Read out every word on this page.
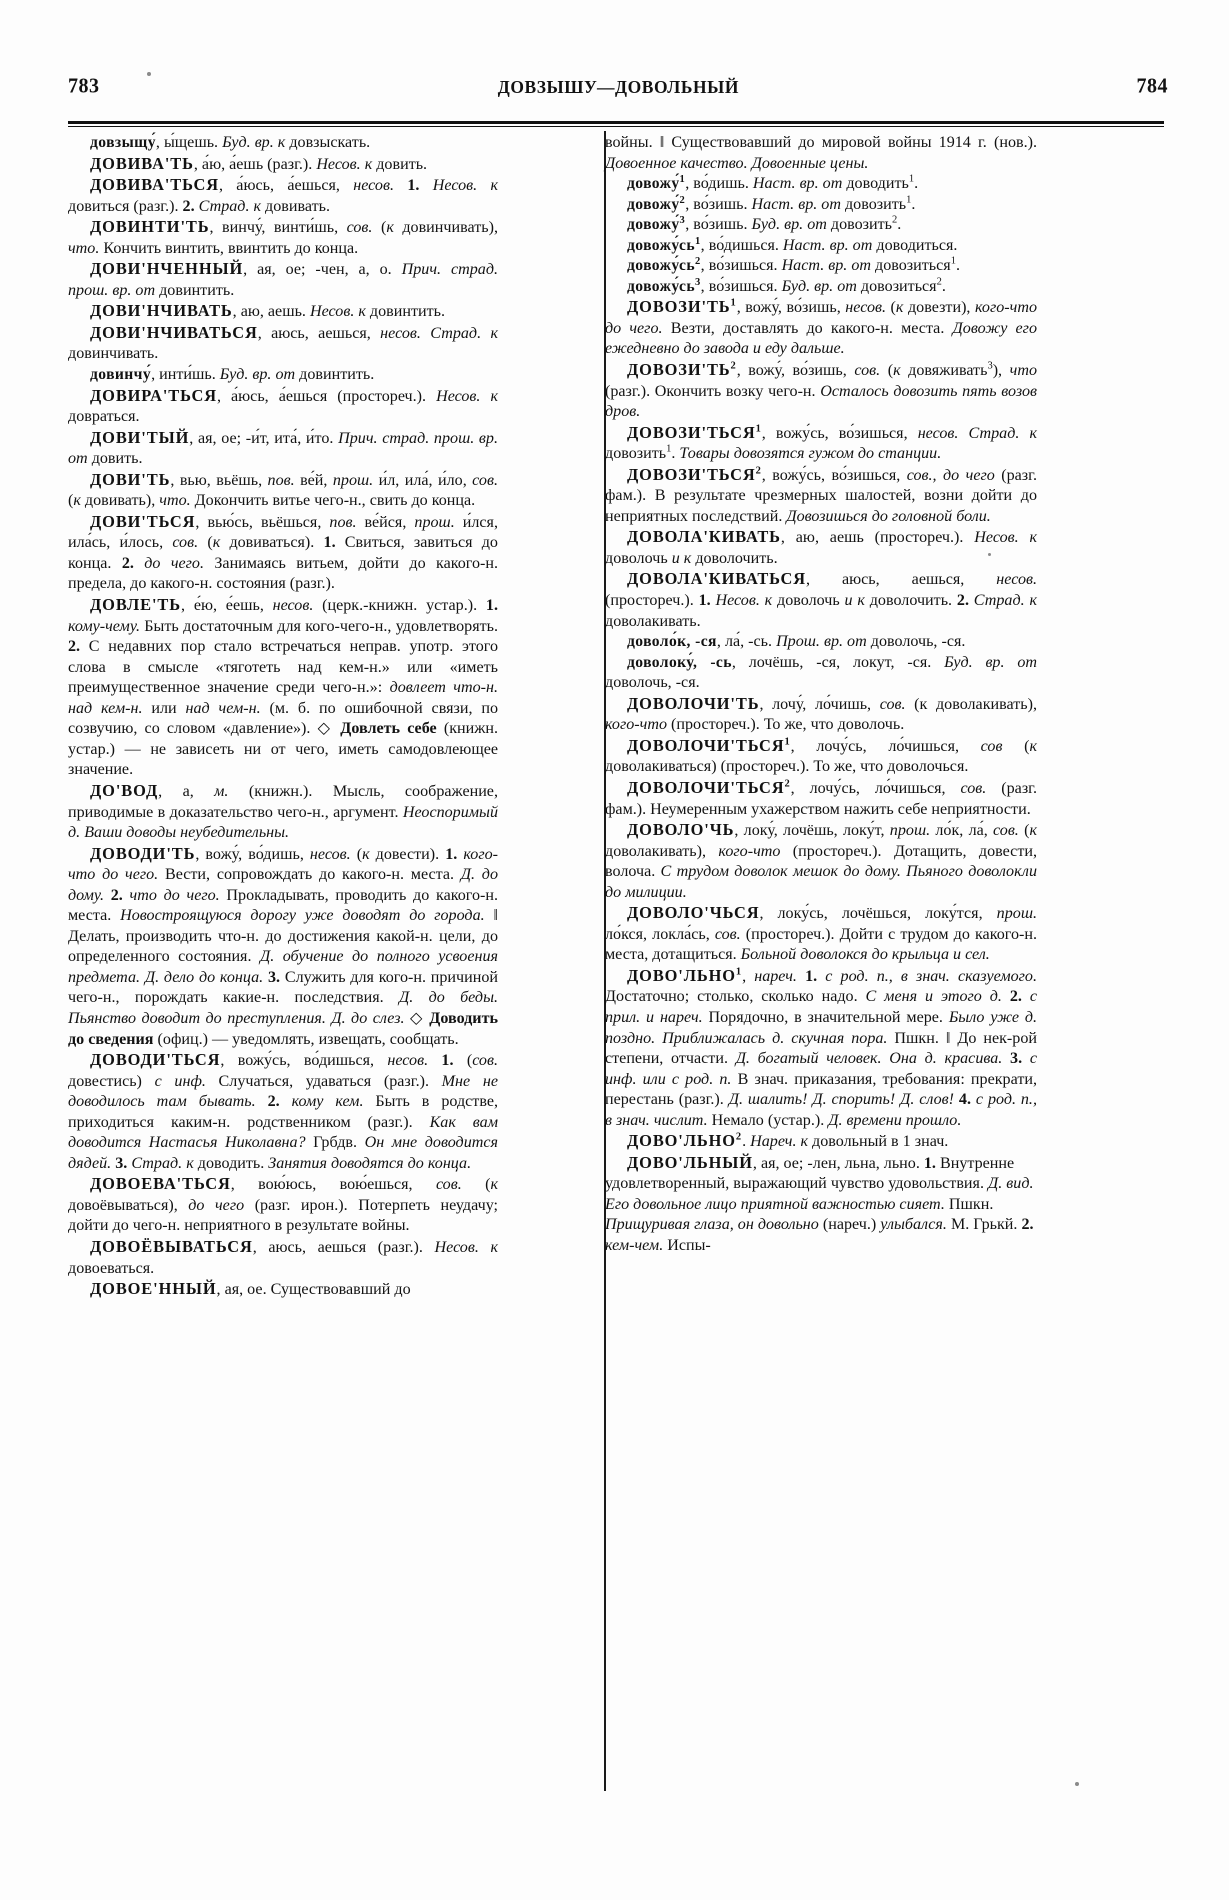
783	ДОВЗЫШУ—ДОВОЛЬНЫЙ	784

довзыщу́, ы́щешь. Буд. вр. к довзыскать.

ДОВИВА'ТЬ, а́ю, а́ешь (разг.). Несов. к довить.

ДОВИВА'ТЬСЯ, а́юсь, а́ешься, несов. 1. Несов. к довиться (разг.). 2. Страд. к довивать.

ДОВИНТИ'ТЬ, винчу́, винти́шь, сов. (к довинчивать), что. Кончить винтить, ввинтить до конца.

ДОВИ'НЧЕННЫЙ, ая, ое; -чен, а, о. Прич. страд. прош. вр. от довинтить.

ДОВИ'НЧИВАТЬ, аю, аешь. Несов. к довинтить.

ДОВИ'НЧИВАТЬСЯ, аюсь, аешься, несов. Страд. к довинчивать.

довинчу́, инти́шь. Буд. вр. от довинтить.

ДОВИРА'ТЬСЯ, а́юсь, а́ешься (простореч.). Несов. к довраться.

ДОВИ'ТЫЙ, ая, ое; -и́т, ита́, и́то. Прич. страд. прош. вр. от довить.

ДОВИ'ТЬ, вью, вьёшь, пов. ве́й, прош. и́л, ила́, и́ло, сов. (к довивать), что. Докончить витье чего-н., свить до конца.

ДОВИ'ТЬСЯ, вью́сь, вьёшься, пов. ве́йся, прош. и́лся, ила́сь, и́лось, сов. (к довиваться). 1. Свиться, завиться до конца. 2. до чего. Занимаясь витьем, дойти до какого-н. предела, до какого-н. состояния (разг.).

ДОВЛЕ'ТЬ, е́ю, е́ешь, несов. (церк.-книжн. устар.). 1. кому-чему. Быть достаточным для кого-чего-н., удовлетворять. 2. С недавних пор стало встречаться неправ. употр. этого слова в смысле «тяготеть над кем-н.» или «иметь преимущественное значение среди чего-н.»: довлеет что-н. над кем-н. или над чем-н. (м. б. по ошибочной связи, по созвучию, со словом «давление»). ◇ Довлеть себе (книжн. устар.) — не зависеть ни от чего, иметь самодовлеющее значение.

ДО'ВОД, а, м. (книжн.). Мысль, соображение, приводимые в доказательство чего-н., аргумент. Неоспоримый д. Ваши доводы неубедительны.

ДОВОДИ'ТЬ, вожу́, во́дишь, несов. (к довести). 1. кого-что до чего. Вести, сопровождать до какого-н. места. Д. до дому. 2. что до чего. Прокладывать, проводить до какого-н. места. Новостроящуюся дорогу уже доводят до города. ‖ Делать, производить что-н. до достижения какой-н. цели, до определенного состояния. Д. обучение до полного усвоения предмета. Д. дело до конца. 3. Служить для кого-н. причиной чего-н., порождать какие-н. последствия. Д. до беды. Пьянство доводит до преступления. Д. до слез. ◇ Доводить до сведения (офиц.) — уведомлять, извещать, сообщать.

ДОВОДИ'ТЬСЯ, вожу́сь, во́дишься, несов. 1. (сов. довестись) с инф. Случаться, удаваться (разг.). Мне не доводилось там бывать. 2. кому кем. Быть в родстве, приходиться каким-н. родственником (разг.). Как вам доводится Настасья Николавна? Грбдв. Он мне доводится дядей. 3. Страд. к доводить. Занятия доводятся до конца.

ДОВОЕВА'ТЬСЯ, вою́юсь, вою́ешься, сов. (к довоёвываться), до чего (разг. ирон.). Потерпеть неудачу; дойти до чего-н. неприятного в результате войны.

ДОВОЁВЫВАТЬСЯ, аюсь, аешься (разг.). Несов. к довоеваться.

ДОВОЕ'ННЫЙ, ая, ое. Существовавший до

войны. ‖ Существовавший до мировой войны 1914 г. (нов.). Довоенное качество. Довоенные цены.

довожу́$^1$, во́дишь. Наст. вр. от доводить$^1$.

довожу́$^2$, во́зишь. Наст. вр. от довозить$^1$.

довожу́$^3$, во́зишь. Буд. вр. от довозить$^2$.

$довожу́сь^1$, во́дишься. Наст. вр. от доводиться.

$довожу́сь^2$, во́зишься. Наст. вр. от довозиться$^1$.

$довожу́сь^3$, во́зишься. Буд. вр. от довозиться$^2$.

$ДОВОЗИ'ТЬ^1$, вожу́, во́зишь, несов. (к довезти), кого-что до чего. Везти, доставлять до какого-н. места. Довожу его ежедневно до завода и еду дальше.

$ДОВОЗИ'ТЬ^2$, вожу́, во́зишь, сов. (к довяживать$^3$), что (разг.). Окончить возку чего-н. Осталось довозить пять возов дров.

ДОВОЗИ'ТЬСЯ$^1$, вожу́сь, во́зишься, несов. Страд. к довозить$^1$. Товары довозятся гужом до станции.

ДОВОЗИ'ТЬСЯ$^2$, вожу́сь, во́зишься, сов., до чего (разг. фам.). В результате чрезмерных шалостей, возни дойти до неприятных последствий. Довозишься до головной боли.

ДОВОЛА'КИВАТЬ, аю, аешь (простореч.). Несов. к доволочь и к доволочить.

ДОВОЛА'КИВАТЬСЯ, аюсь, аешься, несов. (простореч.). 1. Несов. к доволочь и к доволочить. 2. Страд. к доволакивать.

доволо́к, -ся, ла́, -сь. Прош. вр. от доволочь, -ся.

доволоку́, -сь, лочёшь, -ся, локут, -ся. Буд. вр. от доволочь, -ся.

ДОВОЛОЧИ'ТЬ, лочу́, ло́чишь, сов. (к доволакивать), кого-что (простореч.). То же, что доволочь.

ДОВОЛОЧИ'ТЬСЯ$^1$, лочу́сь, ло́чишься, сов (к доволакиваться) (простореч.). То же, что доволочься.

ДОВОЛОЧИ'ТЬСЯ$^2$, лочу́сь, ло́чишься, сов. (разг. фам.). Неумеренным ухажерством нажить себе неприятности.

ДОВОЛО'ЧЬ, локу́, лочёшь, локу́т, прош. ло́к, ла́, сов. (к доволакивать), кого-что (простореч.). Дотащить, довести, волоча. С трудом доволок мешок до дому. Пьяного доволокли до милиции.

ДОВОЛО'ЧЬСЯ, локу́сь, лочёшься, локу́тся, прош. ло́кся, локла́сь, сов. (простореч.). Дойти с трудом до какого-н. места, дотащиться. Больной доволокся до крыльца и сел.

ДОВО'ЛЬНО$^1$, нареч. 1. с род. п., в знач. сказуемого. Достаточно; столько, сколько надо. С меня и этого д. 2. с прил. и нареч. Порядочно, в значительной мере. Было уже д. поздно. Приближалась д. скучная пора. Пшкн. ‖ До нек-рой степени, отчасти. Д. богатый человек. Она д. красива. 3. с инф. или с род. п. В знач. приказания, требования: прекрати, перестань (разг.). Д. шалить! Д. спорить! Д. слов! 4. с род. п., в знач. числит. Немало (устар.). Д. времени прошло.

ДОВО'ЛЬНО$^2$. Нареч. к довольный в 1 знач.

ДОВО'ЛЬНЫЙ, ая, ое; -лен, льна, льно. 1. Внутренне удовлетворенный, выражающий чувство удовольствия. Д. вид. Его довольное лицо приятной важностью сияет. Пшкн. Прищуривая глаза, он довольно (нареч.) улыбался. М. Грькй. 2. кем-чем. Испы-
